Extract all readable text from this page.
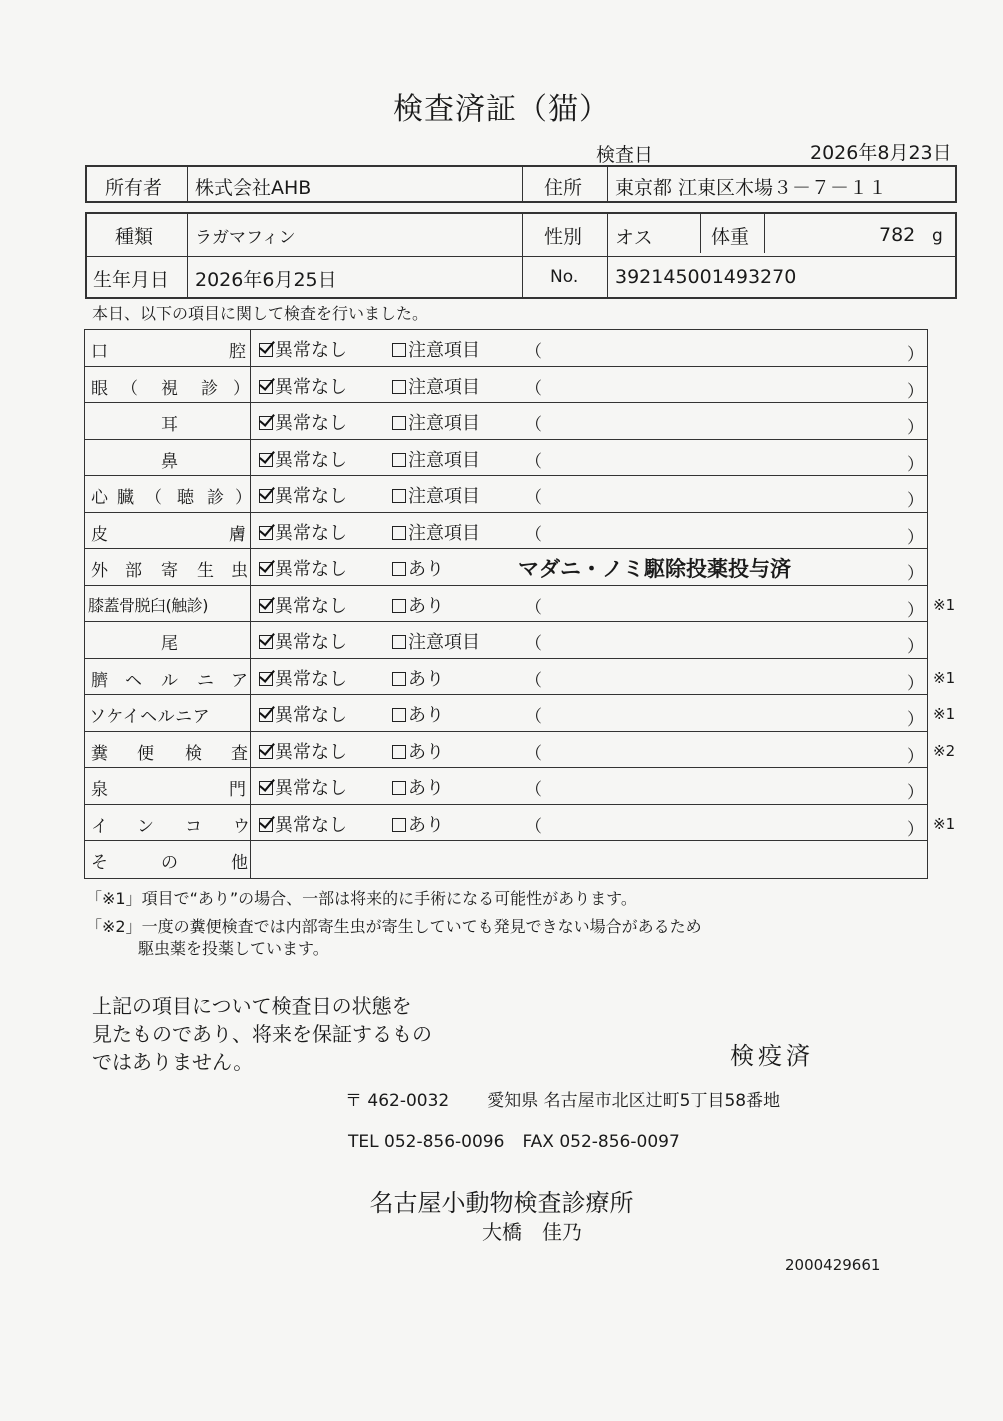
検査済証（猫）
検査日	2026年8月23日
所有者 株式会社AHB	住所 東京都 江東区木場３－７－１１
種類 ラガマフィン	性別 オス	体重	782 g
生年月日 2026年6月25日	No. 392145001493270
本日、以下の項目に関して検査を行いました。
口	腔	異常なし	注意項目	（	）
眼 （ 視 診 ）	異常なし	注意項目	（	）
耳	異常なし	注意項目	（	）
鼻	異常なし	注意項目	（	）
心 臓 （ 聴 診 ）	異常なし	注意項目	（	）
皮	膚	異常なし	注意項目	（	）
外 部 寄 生 虫	異常なし	あり	マダニ・ノミ駆除投薬投与済	）
膝蓋骨脱臼(触診)	異常なし	あり	（	） ※1
尾	異常なし	注意項目	（	）
臍 ヘ ル ニ ア	異常なし	あり	（	） ※1
ソケイヘルニア	異常なし	あり	（	） ※1
糞 便 検 査	異常なし	あり	（	） ※2
泉	門	異常なし	あり	（	）
イ ン コ ウ	異常なし	あり	（	） ※1
そ	の	他
「※1」項目で“あり”の場合、一部は将来的に手術になる可能性があります。
「※2」一度の糞便検査では内部寄生虫が寄生していても発見できない場合があるため
駆虫薬を投薬しています。
上記の項目について検査日の状態を
見たものであり、将来を保証するもの
ではありません。	検疫済
〒 462-0032 愛知県 名古屋市北区辻町5丁目58番地
TEL 052-856-0096 FAX 052-856-0097
名古屋小動物検査診療所
大橋　佳乃
2000429661
